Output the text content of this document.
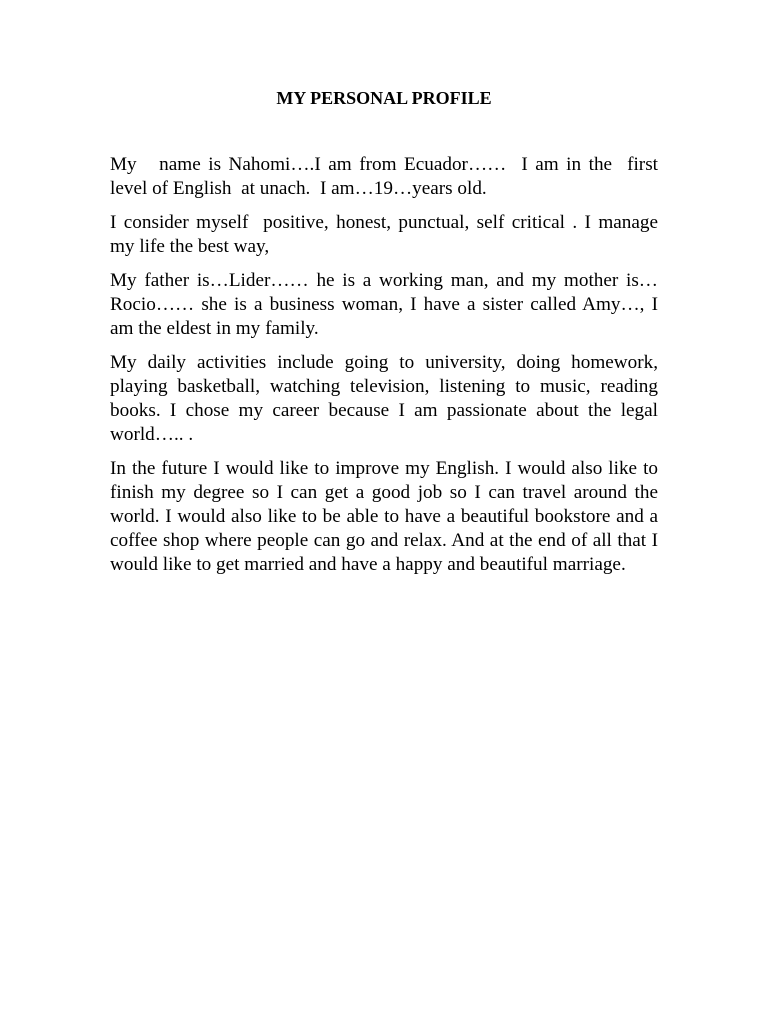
MY PERSONAL PROFILE

My   name is Nahomi….I am from Ecuador……  I am in the  first level of English  at unach.  I am…19…years old.

I consider myself  positive, honest, punctual, self critical . I manage my life the best way,

My father is…Lider…… he is a working man, and my mother is…Rocio…… she is a business woman, I have a sister called Amy…, I am the eldest in my family.

My daily activities include going to university, doing homework, playing basketball, watching television, listening to music, reading books. I chose my career because I am passionate about the legal world….. .

In the future I would like to improve my English. I would also like to finish my degree so I can get a good job so I can travel around the world. I would also like to be able to have a beautiful bookstore and a coffee shop where people can go and relax. And at the end of all that I would like to get married and have a happy and beautiful marriage.
